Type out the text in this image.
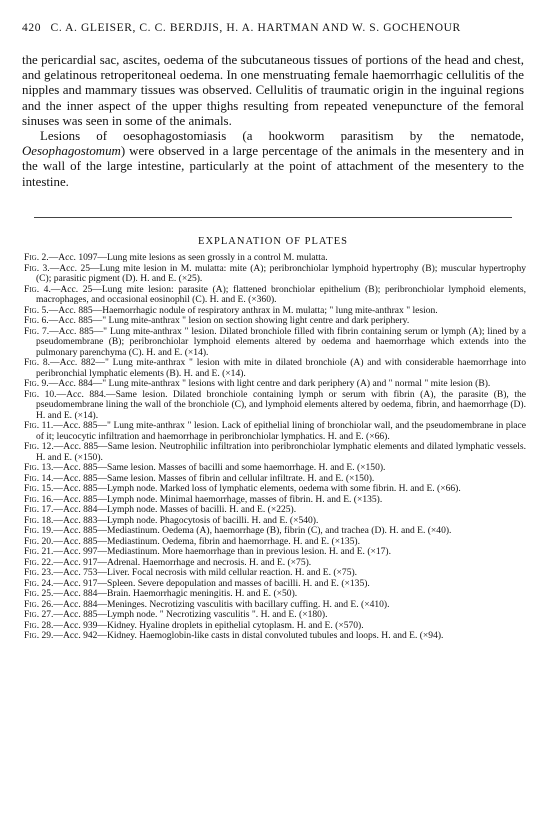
420 C. A. GLEISER, C. C. BERDJIS, H. A. HARTMAN AND W. S. GOCHENOUR

the pericardial sac, ascites, oedema of the subcutaneous tissues of portions of the head and chest, and gelatinous retroperitoneal oedema. In one menstruating female haemorrhagic cellulitis of the nipples and mammary tissues was observed. Cellulitis of traumatic origin in the inguinal regions and the inner aspect of the upper thighs resulting from repeated venepuncture of the femoral sinuses was seen in some of the animals.

Lesions of oesophagostomiasis (a hookworm parasitism by the nematode, Oesophagostomum) were observed in a large percentage of the animals in the mesentery and in the wall of the large intestine, particularly at the point of attachment of the mesentery to the intestine.

EXPLANATION OF PLATES

Fig. 2.—Acc. 1097—Lung mite lesions as seen grossly in a control M. mulatta.

Fig. 3.—Acc. 25—Lung mite lesion in M. mulatta: mite (A); peribronchiolar lymphoid hypertrophy (B); muscular hypertrophy (C); parasitic pigment (D). H. and E. (×25).

Fig. 4.—Acc. 25—Lung mite lesion: parasite (A); flattened bronchiolar epithelium (B); peribronchiolar lymphoid elements, macrophages, and occasional eosinophil (C). H. and E. (×360).

Fig. 5.—Acc. 885—Haemorrhagic nodule of respiratory anthrax in M. mulatta; " lung mite-anthrax " lesion.

Fig. 6.—Acc. 885—" Lung mite-anthrax " lesion on section showing light centre and dark periphery.

Fig. 7.—Acc. 885—" Lung mite-anthrax " lesion. Dilated bronchiole filled with fibrin containing serum or lymph (A); lined by a pseudomembrane (B); peribronchiolar lymphoid elements altered by oedema and haemorrhage which extends into the pulmonary parenchyma (C). H. and E. (×14).

Fig. 8.—Acc. 882—" Lung mite-anthrax " lesion with mite in dilated bronchiole (A) and with considerable haemorrhage into peribronchial lymphatic elements (B). H. and E. (×14).

Fig. 9.—Acc. 884—" Lung mite-anthrax " lesions with light centre and dark periphery (A) and " normal " mite lesion (B).

Fig. 10.—Acc. 884.—Same lesion. Dilated bronchiole containing lymph or serum with fibrin (A), the parasite (B), the pseudomembrane lining the wall of the bronchiole (C), and lymphoid elements altered by oedema, fibrin, and haemorrhage (D). H. and E. (×14).

Fig. 11.—Acc. 885—" Lung mite-anthrax " lesion. Lack of epithelial lining of bronchiolar wall, and the pseudomembrane in place of it; leucocytic infiltration and haemorrhage in peribronchiolar lymphatics. H. and E. (×66).

Fig. 12.—Acc. 885—Same lesion. Neutrophilic infiltration into peribronchiolar lymphatic elements and dilated lymphatic vessels. H. and E. (×150).

Fig. 13.—Acc. 885—Same lesion. Masses of bacilli and some haemorrhage. H. and E. (×150).

Fig. 14.—Acc. 885—Same lesion. Masses of fibrin and cellular infiltrate. H. and E. (×150).

Fig. 15.—Acc. 885—Lymph node. Marked loss of lymphatic elements, oedema with some fibrin. H. and E. (×66).

Fig. 16.—Acc. 885—Lymph node. Minimal haemorrhage, masses of fibrin. H. and E. (×135).

Fig. 17.—Acc. 884—Lymph node. Masses of bacilli. H. and E. (×225).

Fig. 18.—Acc. 883—Lymph node. Phagocytosis of bacilli. H. and E. (×540).

Fig. 19.—Acc. 885—Mediastinum. Oedema (A), haemorrhage (B), fibrin (C), and trachea (D). H. and E. (×40).

Fig. 20.—Acc. 885—Mediastinum. Oedema, fibrin and haemorrhage. H. and E. (×135).

Fig. 21.—Acc. 997—Mediastinum. More haemorrhage than in previous lesion. H. and E. (×17).

Fig. 22.—Acc. 917—Adrenal. Haemorrhage and necrosis. H. and E. (×75).

Fig. 23.—Acc. 753—Liver. Focal necrosis with mild cellular reaction. H. and E. (×75).

Fig. 24.—Acc. 917—Spleen. Severe depopulation and masses of bacilli. H. and E. (×135).

Fig. 25.—Acc. 884—Brain. Haemorrhagic meningitis. H. and E. (×50).

Fig. 26.—Acc. 884—Meninges. Necrotizing vasculitis with bacillary cuffing. H. and E. (×410).

Fig. 27.—Acc. 885—Lymph node. " Necrotizing vasculitis ". H. and E. (×180).

Fig. 28.—Acc. 939—Kidney. Hyaline droplets in epithelial cytoplasm. H. and E. (×570).

Fig. 29.—Acc. 942—Kidney. Haemoglobin-like casts in distal convoluted tubules and loops. H. and E. (×94).
